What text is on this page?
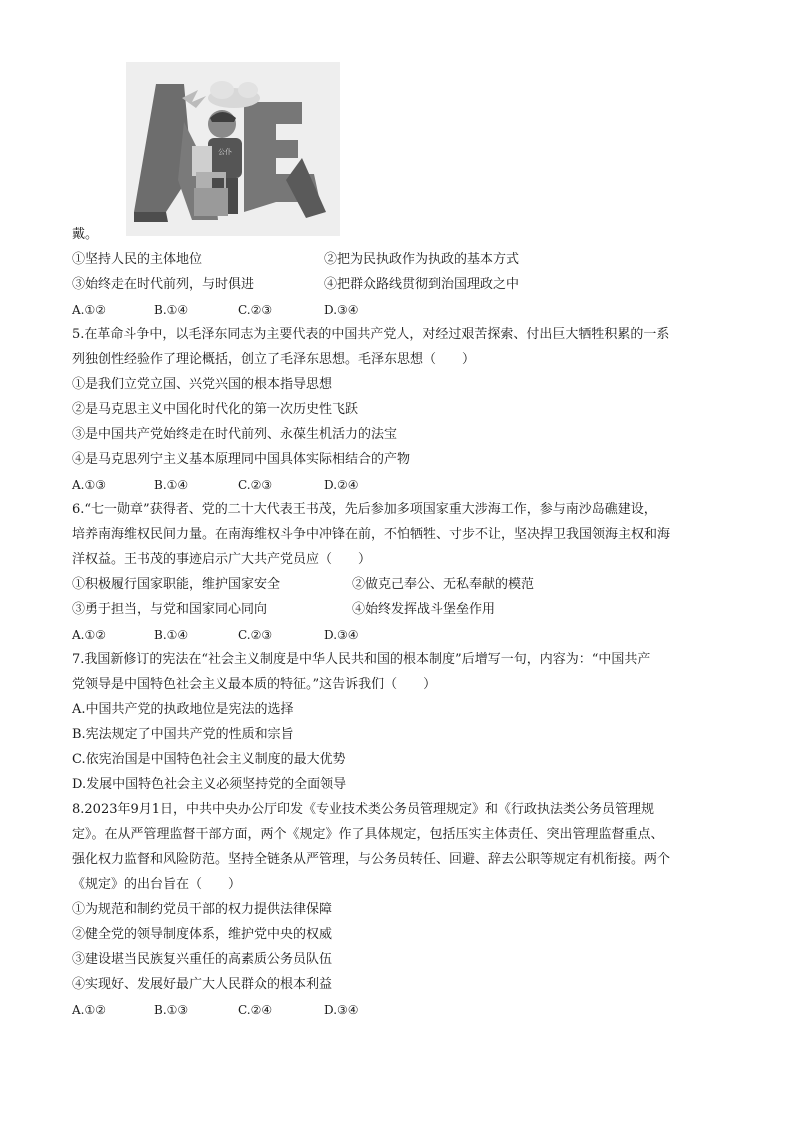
公仆
戴。
①坚持人民的主体地位	②把为民执政作为执政的基本方式
③始终走在时代前列，与时俱进	④把群众路线贯彻到治国理政之中
A.①②	B.①④	C.②③	D.③④
5.在革命斗争中，以毛泽东同志为主要代表的中国共产党人，对经过艰苦探索、付出巨大牺牲积累的一系
列独创性经验作了理论概括，创立了毛泽东思想。毛泽东思想（　　）
①是我们立党立国、兴党兴国的根本指导思想
②是马克思主义中国化时代化的第一次历史性飞跃
③是中国共产党始终走在时代前列、永葆生机活力的法宝
④是马克思列宁主义基本原理同中国具体实际相结合的产物
A.①③	B.①④	C.②③	D.②④
6.“七一勋章”获得者、党的二十大代表王书茂，先后参加多项国家重大涉海工作，参与南沙岛礁建设，
培养南海维权民间力量。在南海维权斗争中冲锋在前，不怕牺牲、寸步不让，坚决捍卫我国领海主权和海
洋权益。王书茂的事迹启示广大共产党员应（　　）
①积极履行国家职能，维护国家安全	②做克己奉公、无私奉献的模范
③勇于担当，与党和国家同心同向	④始终发挥战斗堡垒作用
A.①②	B.①④	C.②③	D.③④
7.我国新修订的宪法在“社会主义制度是中华人民共和国的根本制度”后增写一句，内容为：“中国共产
党领导是中国特色社会主义最本质的特征。”这告诉我们（　　）
A.中国共产党的执政地位是宪法的选择
B.宪法规定了中国共产党的性质和宗旨
C.依宪治国是中国特色社会主义制度的最大优势
D.发展中国特色社会主义必须坚持党的全面领导
8.2023年9月1日，中共中央办公厅印发《专业技术类公务员管理规定》和《行政执法类公务员管理规
定》。在从严管理监督干部方面，两个《规定》作了具体规定，包括压实主体责任、突出管理监督重点、
强化权力监督和风险防范。坚持全链条从严管理，与公务员转任、回避、辞去公职等规定有机衔接。两个
《规定》的出台旨在（　　）
①为规范和制约党员干部的权力提供法律保障
②健全党的领导制度体系，维护党中央的权威
③建设堪当民族复兴重任的高素质公务员队伍
④实现好、发展好最广大人民群众的根本利益
A.①②	B.①③	C.②④	D.③④
